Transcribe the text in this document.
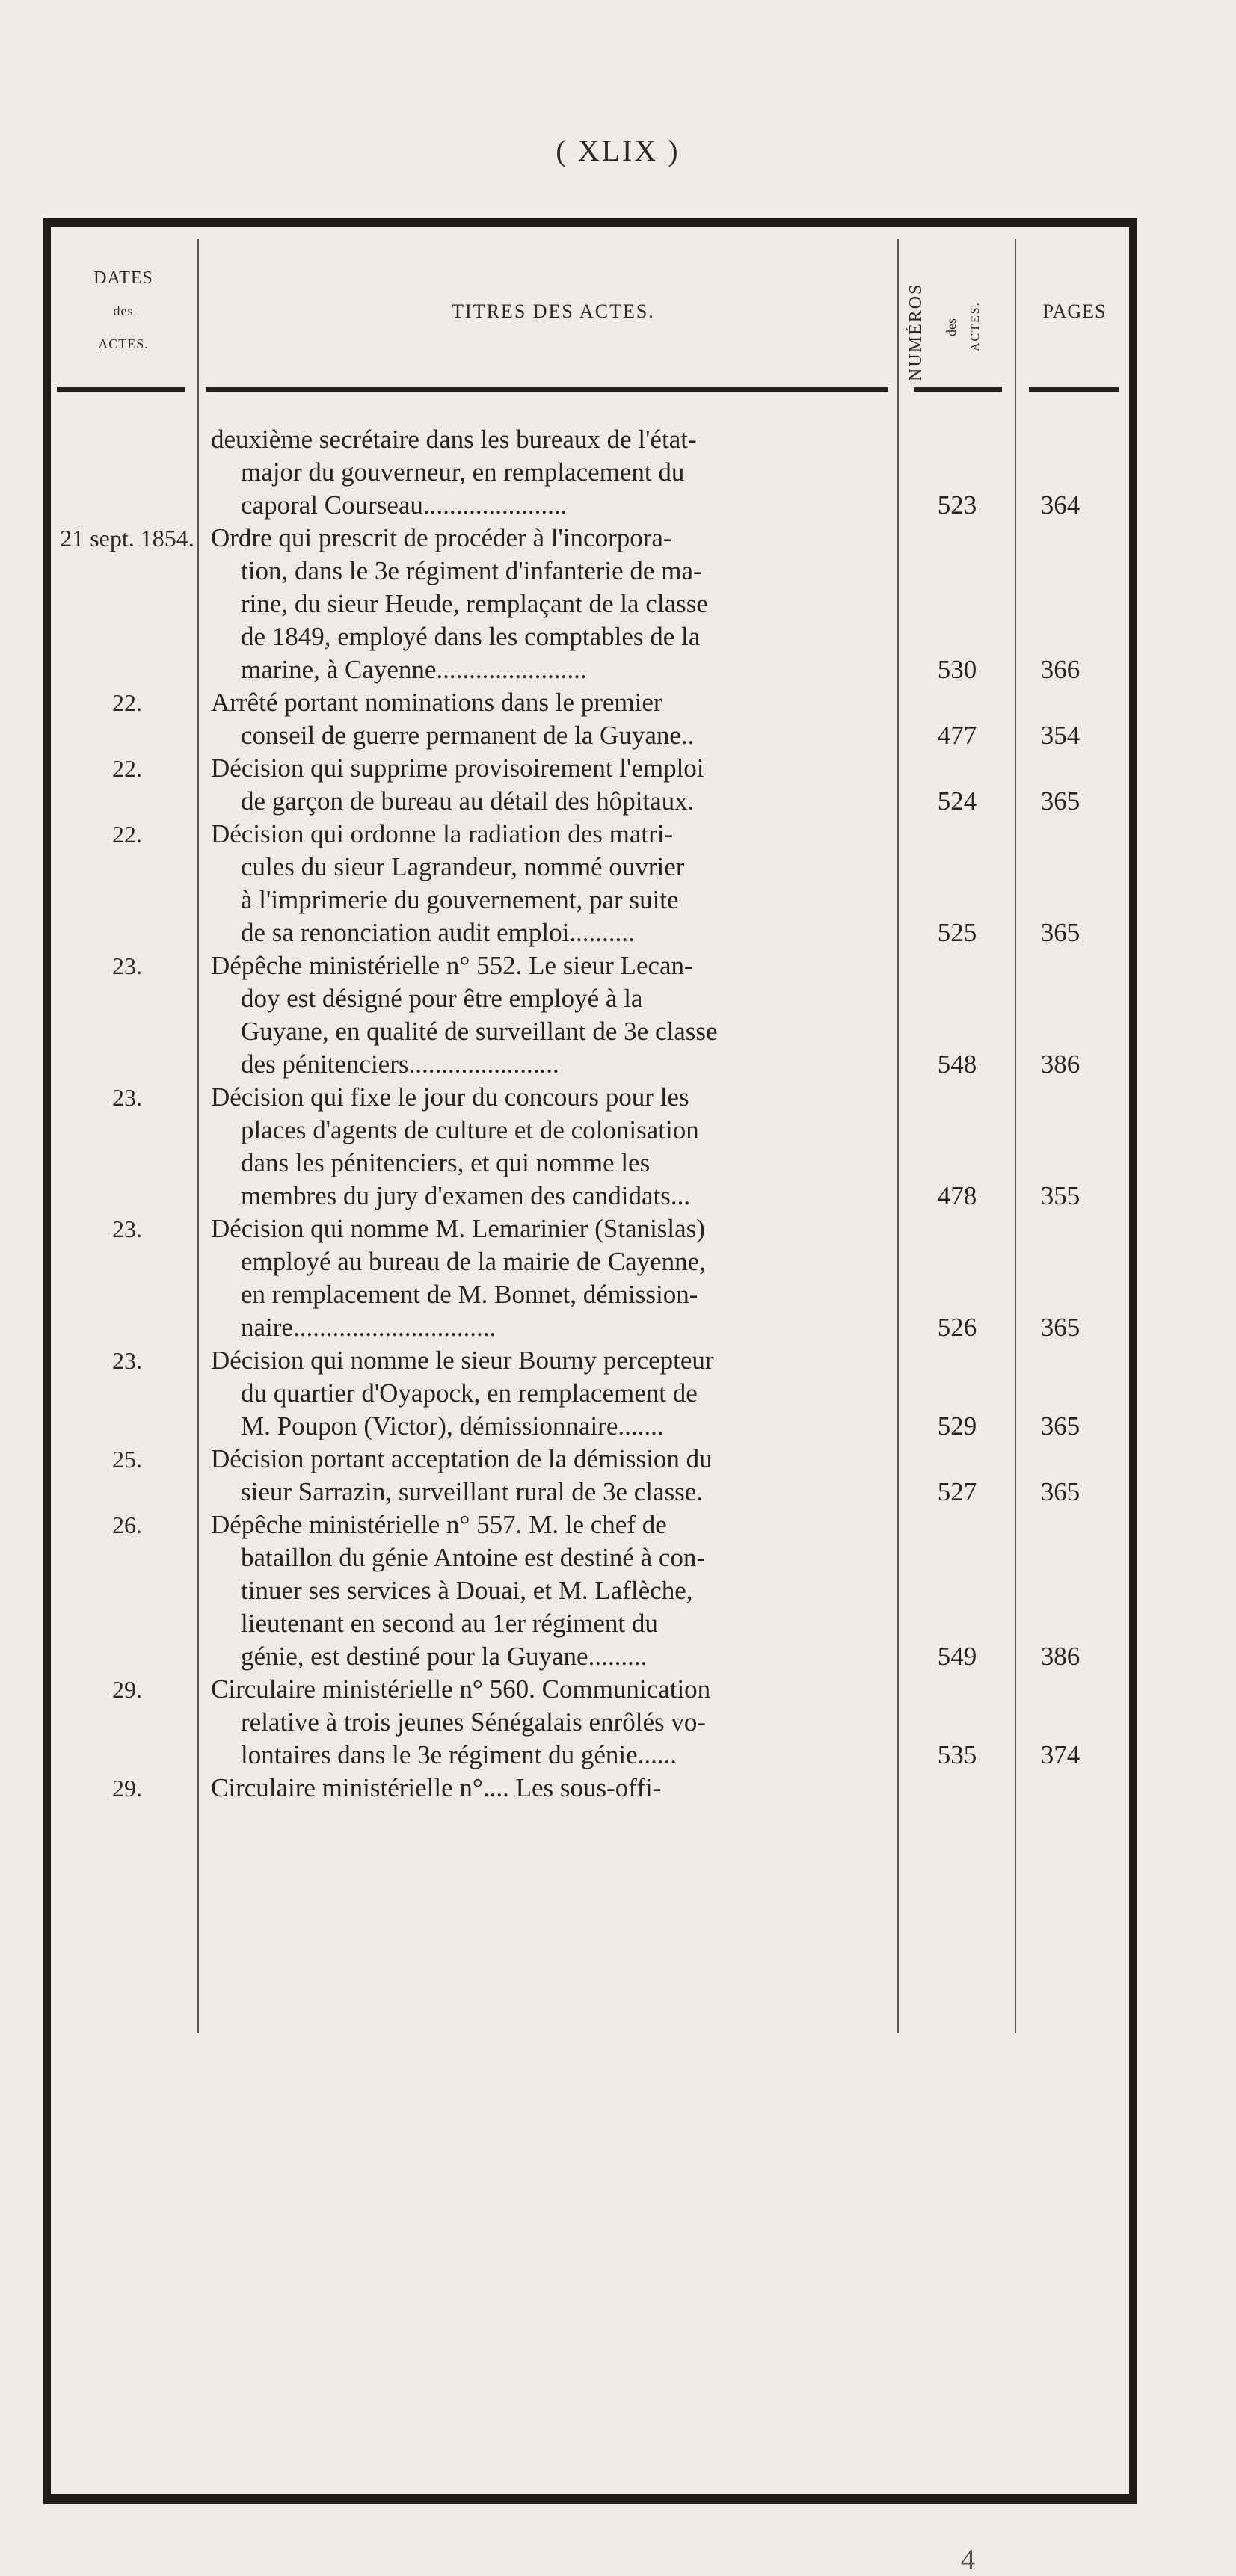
( XLIX )
DATES
des
ACTES.
TITRES DES ACTES.	NUMÉROS des ACTES.	PAGES
deuxième secrétaire dans les bureaux de l'état-
major du gouverneur, en remplacement du
caporal Courseau......................	523	364
21 sept. 1854. Ordre qui prescrit de procéder à l'incorpora-
tion, dans le 3e régiment d'infanterie de ma-
rine, du sieur Heude, remplaçant de la classe
de 1849, employé dans les comptables de la
marine, à Cayenne.......................	530	366
22.	Arrêté portant nominations dans le premier
conseil de guerre permanent de la Guyane..	477	354
22.	Décision qui supprime provisoirement l'emploi
de garçon de bureau au détail des hôpitaux.	524	365
22.	Décision qui ordonne la radiation des matri-
cules du sieur Lagrandeur, nommé ouvrier
à l'imprimerie du gouvernement, par suite
de sa renonciation audit emploi..........	525	365
23.	Dépêche ministérielle n° 552. Le sieur Lecan-
doy est désigné pour être employé à la
Guyane, en qualité de surveillant de 3e classe
des pénitenciers.......................	548	386
23.	Décision qui fixe le jour du concours pour les
places d'agents de culture et de colonisation
dans les pénitenciers, et qui nomme les
membres du jury d'examen des candidats...	478	355
23.	Décision qui nomme M. Lemarinier (Stanislas)
employé au bureau de la mairie de Cayenne,
en remplacement de M. Bonnet, démission-
naire...............................	526	365
23.	Décision qui nomme le sieur Bourny percepteur
du quartier d'Oyapock, en remplacement de
M. Poupon (Victor), démissionnaire.......	529	365
25.	Décision portant acceptation de la démission du
sieur Sarrazin, surveillant rural de 3e classe.	527	365
26.	Dépêche ministérielle n° 557. M. le chef de
bataillon du génie Antoine est destiné à con-
tinuer ses services à Douai, et M. Laflèche,
lieutenant en second au 1er régiment du
génie, est destiné pour la Guyane.........	549	386
29.	Circulaire ministérielle n° 560. Communication
relative à trois jeunes Sénégalais enrôlés vo-
lontaires dans le 3e régiment du génie......	535	374
29.	Circulaire ministérielle n°.... Les sous-offi-
4
